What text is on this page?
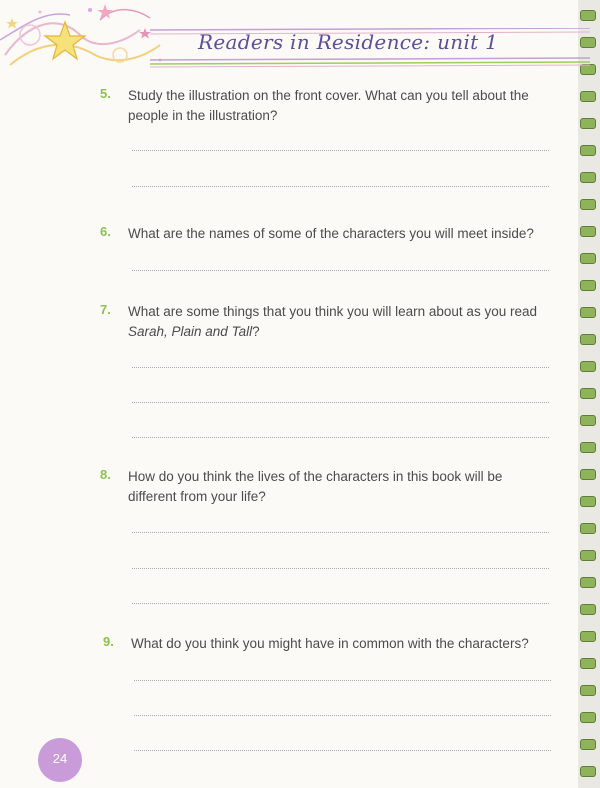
Readers in Residence: unit 1
5. Study the illustration on the front cover. What can you tell about the people in the illustration?
6. What are the names of some of the characters you will meet inside?
7. What are some things that you think you will learn about as you read Sarah, Plain and Tall?
8. How do you think the lives of the characters in this book will be different from your life?
9. What do you think you might have in common with the characters?
24
